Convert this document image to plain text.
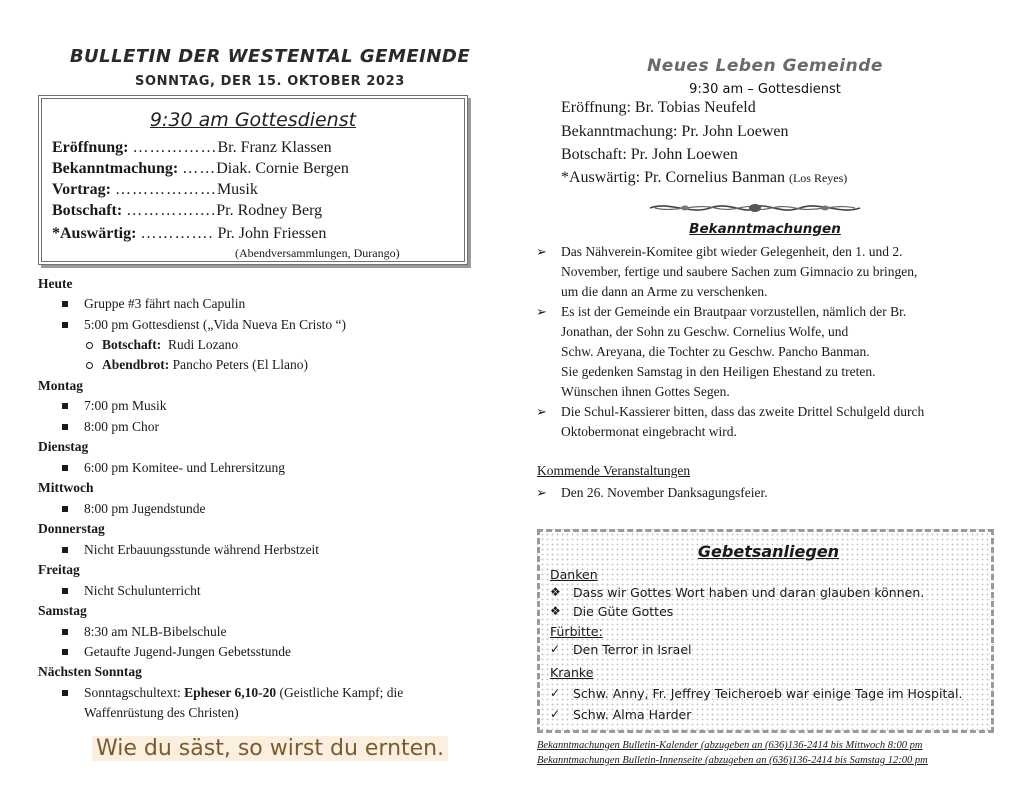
BULLETIN DER WESTENTAL GEMEINDE
SONNTAG, DER 15. OKTOBER 2023
9:30 am Gottesdienst
Eröffnung: ……………Br. Franz Klassen
Bekanntmachung: ……Diak. Cornie Bergen
Vortrag: ………………Musik
Botschaft: …………….Pr. Rodney Berg
*Auswärtig: …………. Pr. John Friessen
(Abendversammlungen, Durango)
Heute
Gruppe #3 fährt nach Capulin
5:00 pm Gottesdienst („Vida Nueva En Cristo “)
Botschaft: Rudi Lozano
Abendbrot: Pancho Peters (El Llano)
Montag
7:00 pm Musik
8:00 pm Chor
Dienstag
6:00 pm Komitee- und Lehrersitzung
Mittwoch
8:00 pm Jugendstunde
Donnerstag
Nicht Erbauungsstunde während Herbstzeit
Freitag
Nicht Schulunterricht
Samstag
8:30 am NLB-Bibelschule
Getaufte Jugend-Jungen Gebetsstunde
Nächsten Sonntag
Sonntagschultext: Epheser 6,10-20 (Geistliche Kampf; die
Waffenrüstung des Christen)
Wie du säst, so wirst du ernten.
Neues Leben Gemeinde
9:30 am – Gottesdienst
Eröffnung: Br. Tobias Neufeld
Bekanntmachung: Pr. John Loewen
Botschaft: Pr. John Loewen
*Auswärtig: Pr. Cornelius Banman (Los Reyes)
Bekanntmachungen
➢ Das Nähverein-Komitee gibt wieder Gelegenheit, den 1. und 2.
November, fertige und saubere Sachen zum Gimnacio zu bringen,
um die dann an Arme zu verschenken.
➢ Es ist der Gemeinde ein Brautpaar vorzustellen, nämlich der Br.
Jonathan, der Sohn zu Geschw. Cornelius Wolfe, und
Schw. Areyana, die Tochter zu Geschw. Pancho Banman.
Sie gedenken Samstag in den Heiligen Ehestand zu treten.
Wünschen ihnen Gottes Segen.
➢ Die Schul-Kassierer bitten, dass das zweite Drittel Schulgeld durch
Oktobermonat eingebracht wird.
Kommende Veranstaltungen
➢ Den 26. November Danksagungsfeier.
Gebetsanliegen
Danken
❖ Dass wir Gottes Wort haben und daran glauben können.
❖ Die Güte Gottes
Fürbitte:
✓ Den Terror in Israel
Kranke
✓ Schw. Anny, Fr. Jeffrey Teicheroeb war einige Tage im Hospital.
✓ Schw. Alma Harder
Bekanntmachungen Bulletin-Kalender (abzugeben an (636)136-2414 bis Mittwoch 8:00 pm
Bekanntmachungen Bulletin-Innenseite (abzugeben an (636)136-2414 bis Samstag 12:00 pm
